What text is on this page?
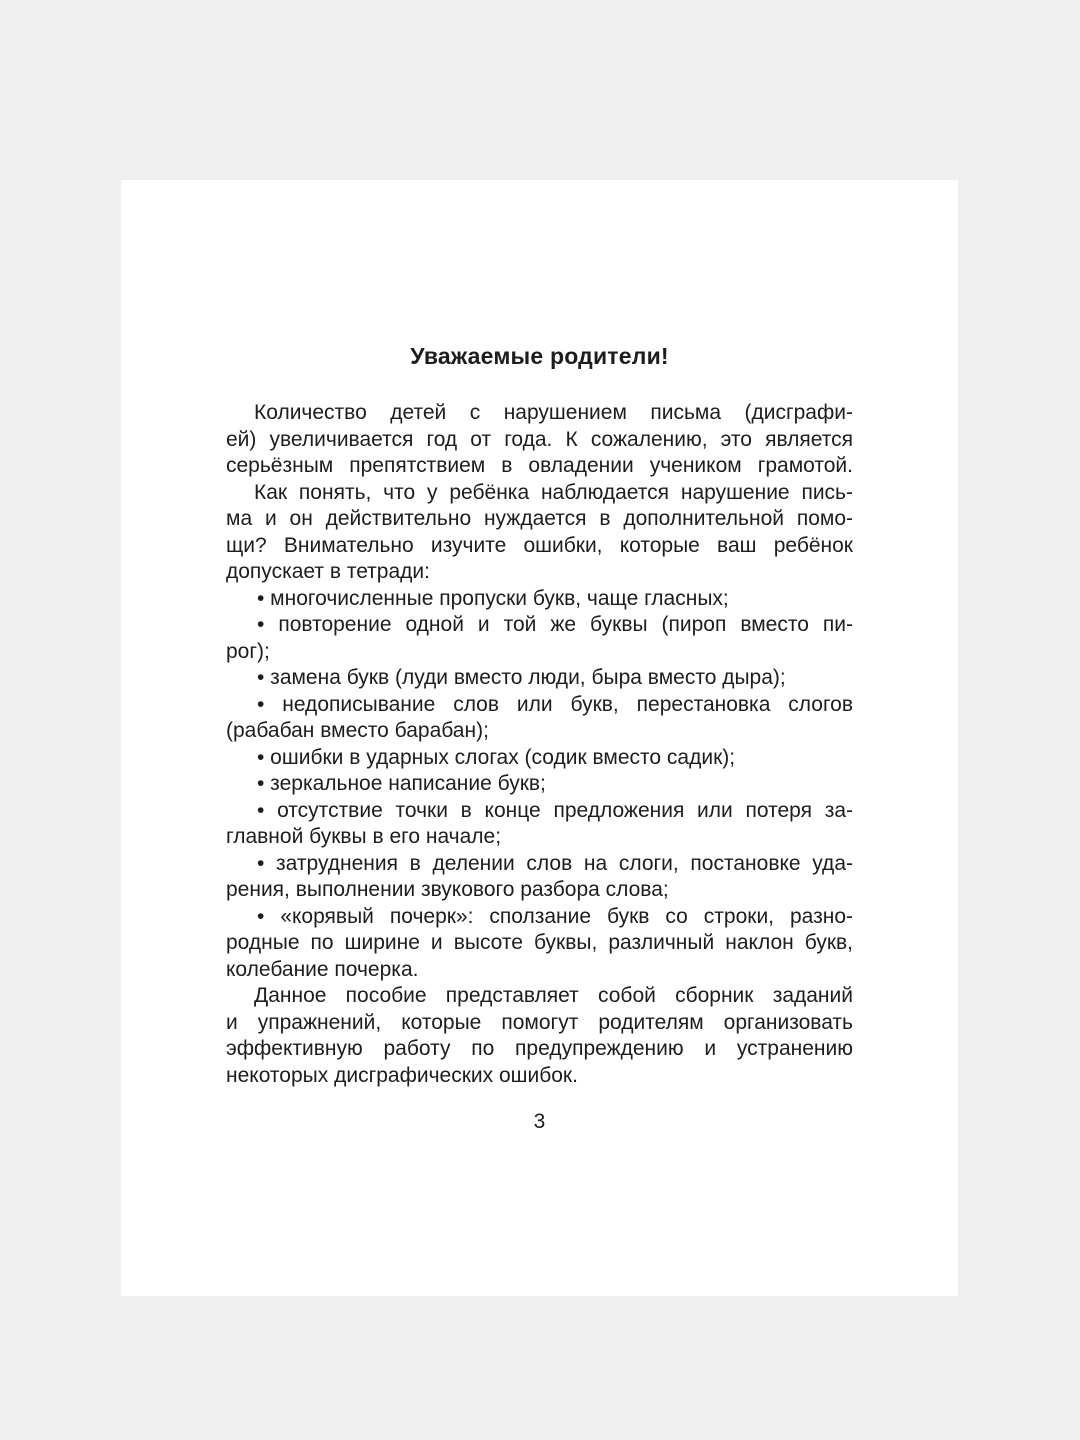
Уважаемые родители!
Количество детей с нарушением письма (дисграфи-
ей) увеличивается год от года. К сожалению, это является
серьёзным препятствием в овладении учеником грамотой.
Как понять, что у ребёнка наблюдается нарушение пись-
ма и он действительно нуждается в дополнительной помо-
щи? Внимательно изучите ошибки, которые ваш ребёнок
допускает в тетради:
• многочисленные пропуски букв, чаще гласных;
• повторение одной и той же буквы (пироп вместо пи-
рог);
• замена букв (луди вместо люди, быра вместо дыра);
• недописывание слов или букв, перестановка слогов
(рабабан вместо барабан);
• ошибки в ударных слогах (содик вместо садик);
• зеркальное написание букв;
• отсутствие точки в конце предложения или потеря за-
главной буквы в его начале;
• затруднения в делении слов на слоги, постановке уда-
рения, выполнении звукового разбора слова;
• «корявый почерк»: сползание букв со строки, разно-
родные по ширине и высоте буквы, различный наклон букв,
колебание почерка.
Данное пособие представляет собой сборник заданий
и упражнений, которые помогут родителям организовать
эффективную работу по предупреждению и устранению
некоторых дисграфических ошибок.
3
